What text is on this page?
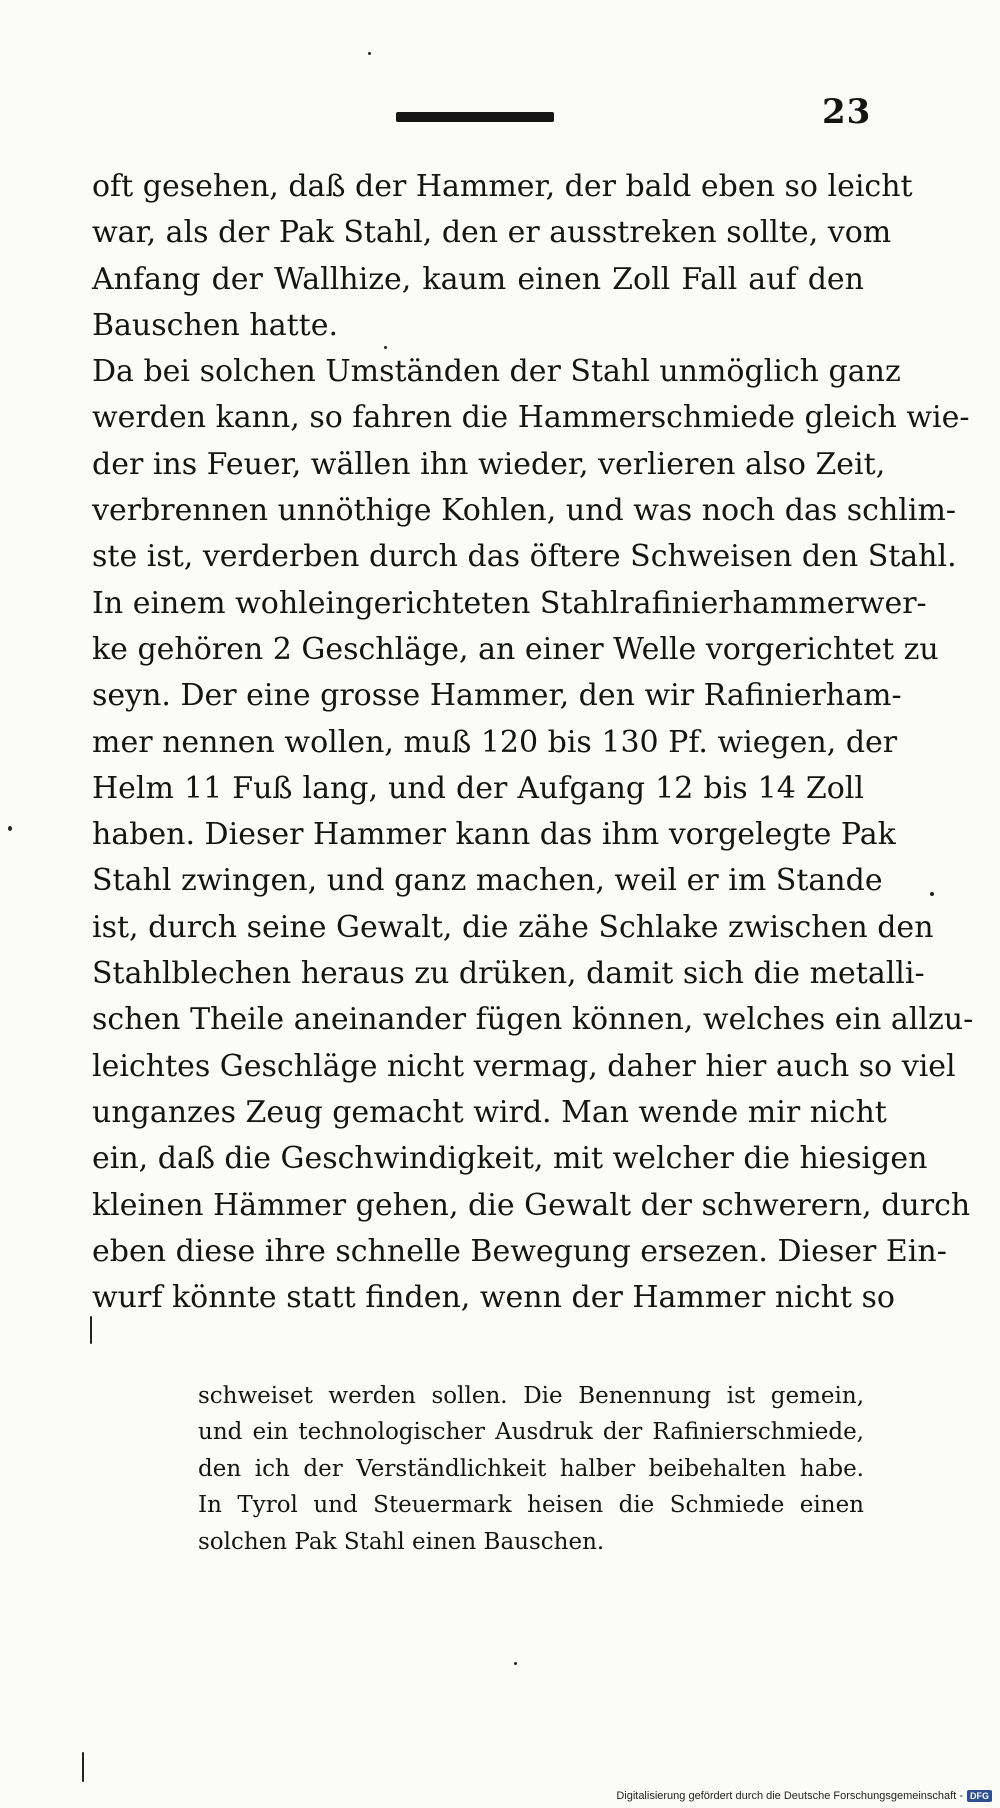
23
oft gesehen, daß der Hammer, der bald eben so leicht
war, als der Pak Stahl, den er ausstreken sollte, vom
Anfang der Wallhize, kaum einen Zoll Fall auf den
Bauschen hatte.
Da bei solchen Umständen der Stahl unmöglich ganz
werden kann, so fahren die Hammerschmiede gleich wie-
der ins Feuer, wällen ihn wieder, verlieren also Zeit,
verbrennen unnöthige Kohlen, und was noch das schlim-
ste ist, verderben durch das öftere Schweisen den Stahl.
In einem wohleingerichteten Stahlrafinierhammerwer-
ke gehören 2 Geschläge, an einer Welle vorgerichtet zu
seyn. Der eine grosse Hammer, den wir Rafinierham-
mer nennen wollen, muß 120 bis 130 Pf. wiegen, der
Helm 11 Fuß lang, und der Aufgang 12 bis 14 Zoll
haben. Dieser Hammer kann das ihm vorgelegte Pak
Stahl zwingen, und ganz machen, weil er im Stande
ist, durch seine Gewalt, die zähe Schlake zwischen den
Stahlblechen heraus zu drüken, damit sich die metalli-
schen Theile aneinander fügen können, welches ein allzu-
leichtes Geschläge nicht vermag, daher hier auch so viel
unganzes Zeug gemacht wird. Man wende mir nicht
ein, daß die Geschwindigkeit, mit welcher die hiesigen
kleinen Hämmer gehen, die Gewalt der schwerern, durch
eben diese ihre schnelle Bewegung ersezen. Dieser Ein-
wurf könnte statt finden, wenn der Hammer nicht so
schweiset werden sollen. Die Benennung ist gemein,
und ein technologischer Ausdruk der Rafinierschmiede,
den ich der Verständlichkeit halber beibehalten habe.
In Tyrol und Steuermark heisen die Schmiede einen
solchen Pak Stahl einen Bauschen.
Digitalisierung gefördert durch die Deutsche Forschungsgemeinschaft - DFG
